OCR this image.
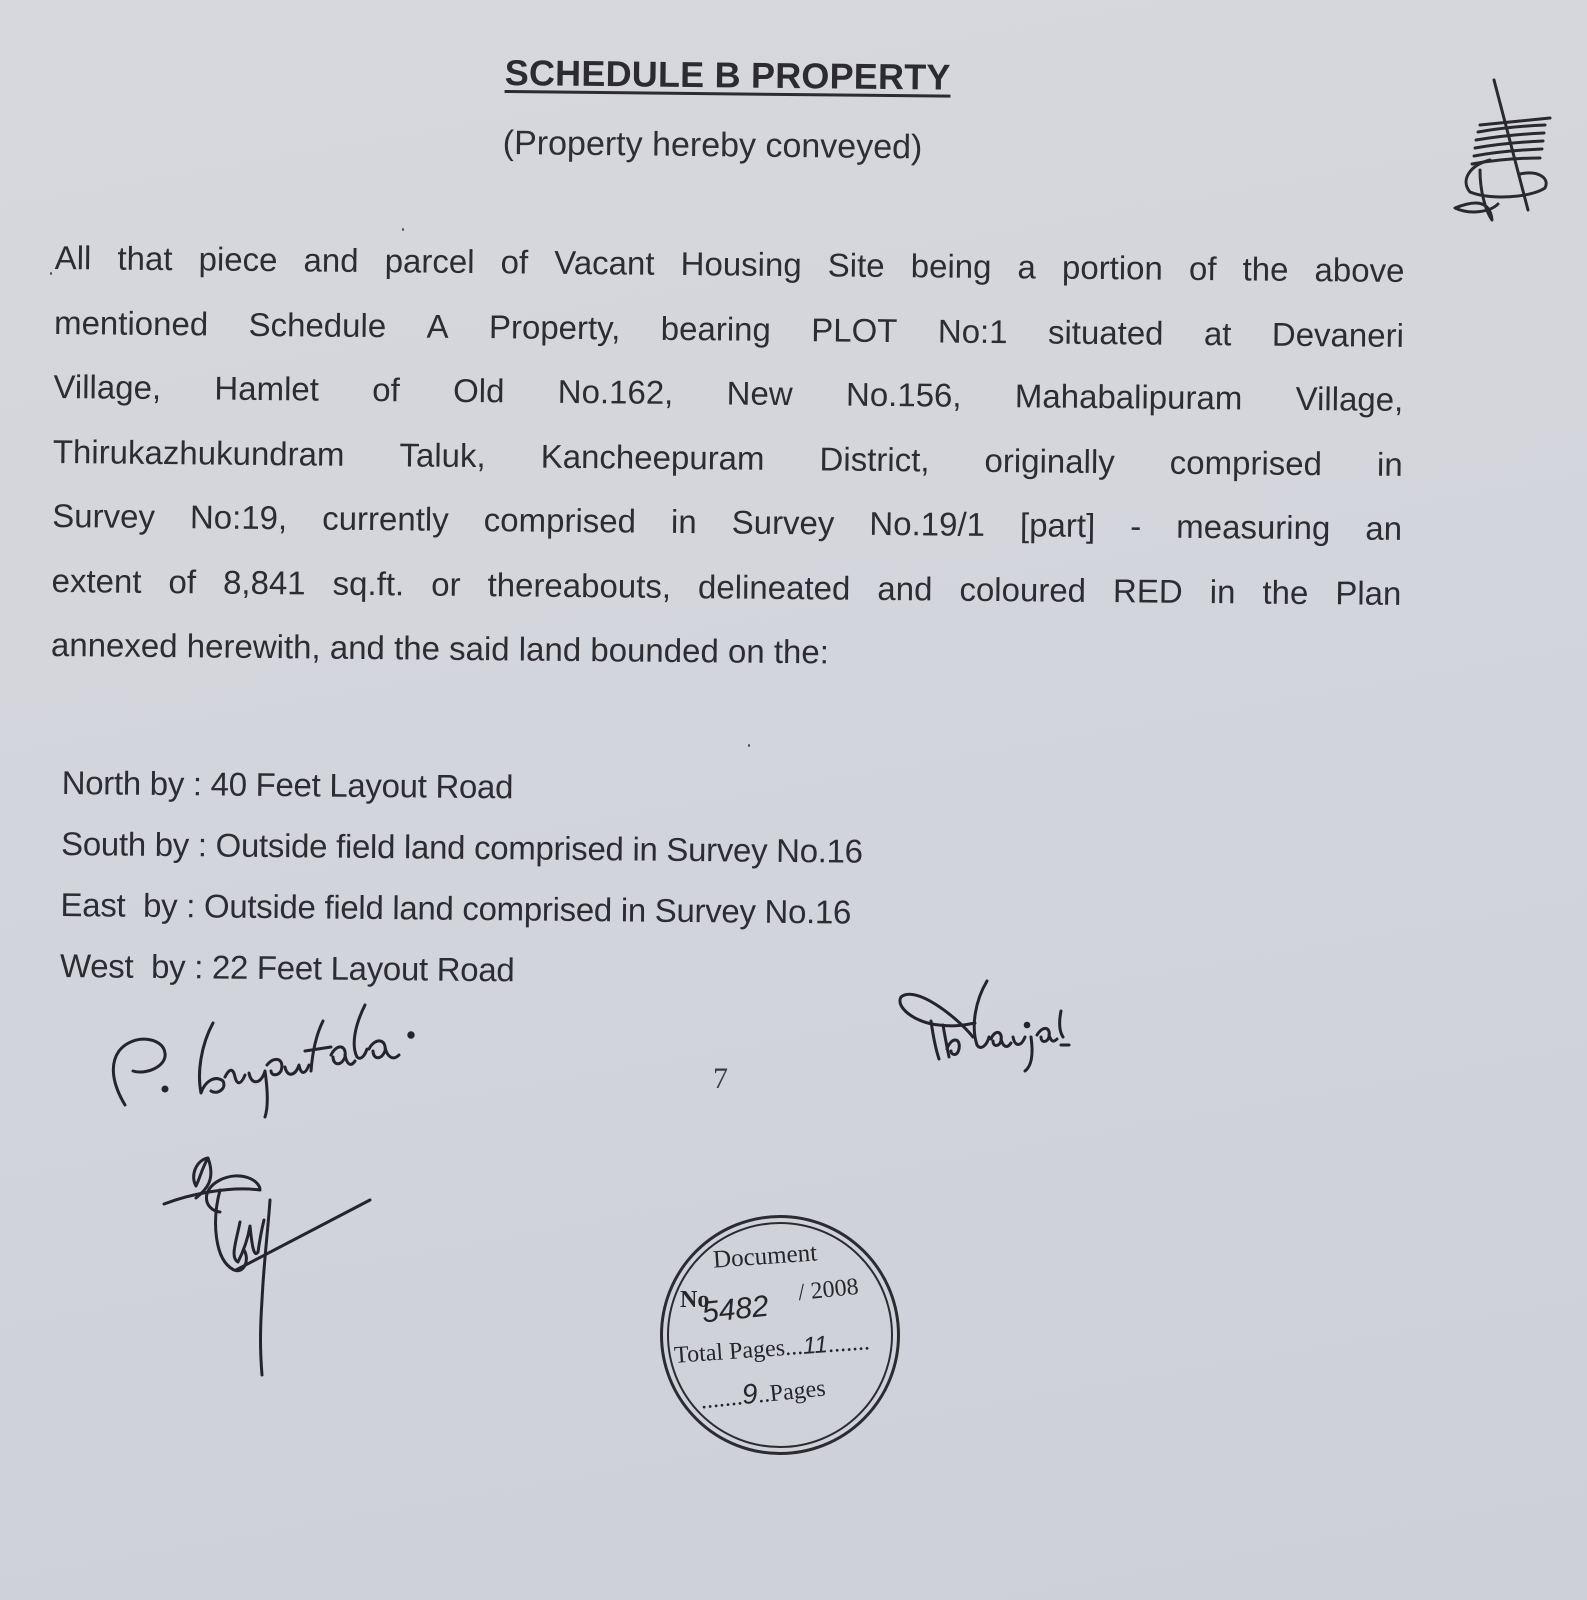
SCHEDULE B PROPERTY
(Property hereby conveyed)
All that piece and parcel of Vacant Housing Site being a portion of the above
mentioned Schedule A Property, bearing PLOT No:1 situated at Devaneri
Village, Hamlet of Old No.162, New No.156, Mahabalipuram Village,
Thirukazhukundram Taluk, Kancheepuram District, originally comprised in
Survey No:19, currently comprised in Survey No.19/1 [part] - measuring an
extent of 8,841 sq.ft. or thereabouts, delineated and coloured RED in the Plan
annexed herewith, and the said land bounded on the:
North by : 40 Feet Layout Road
South by : Outside field land comprised in Survey No.16
East  by : Outside field land comprised in Survey No.16
West  by : 22 Feet Layout Road
7
Document
No
5482 / 2008
Total Pages...11.......
.......9..Pages
